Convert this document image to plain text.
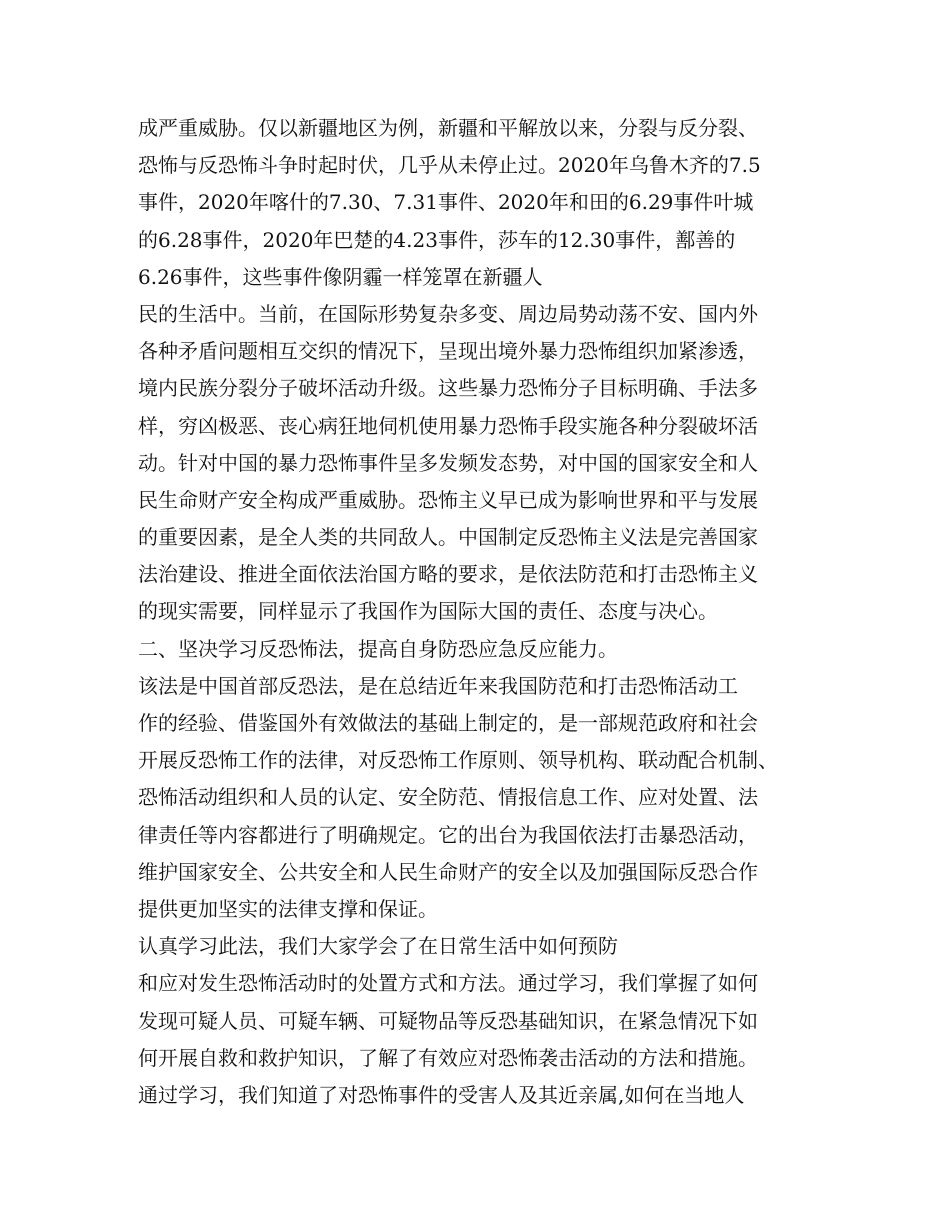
成严重威胁。仅以新疆地区为例，新疆和平解放以来，分裂与反分裂、
恐怖与反恐怖斗争时起时伏，几乎从未停止过。2020年乌鲁木齐的7.5
事件，2020年喀什的7.30、7.31事件、2020年和田的6.29事件叶城
的6.28事件，2020年巴楚的4.23事件，莎车的12.30事件，鄯善的
6.26事件，这些事件像阴霾一样笼罩在新疆人
民的生活中。当前，在国际形势复杂多变、周边局势动荡不安、国内外
各种矛盾问题相互交织的情况下，呈现出境外暴力恐怖组织加紧渗透，
境内民族分裂分子破坏活动升级。这些暴力恐怖分子目标明确、手法多
样，穷凶极恶、丧心病狂地伺机使用暴力恐怖手段实施各种分裂破坏活
动。针对中国的暴力恐怖事件呈多发频发态势，对中国的国家安全和人
民生命财产安全构成严重威胁。恐怖主义早已成为影响世界和平与发展
的重要因素，是全人类的共同敌人。中国制定反恐怖主义法是完善国家
法治建设、推进全面依法治国方略的要求，是依法防范和打击恐怖主义
的现实需要，同样显示了我国作为国际大国的责任、态度与决心。
二、坚决学习反恐怖法，提高自身防恐应急反应能力。
该法是中国首部反恐法，是在总结近年来我国防范和打击恐怖活动工
作的经验、借鉴国外有效做法的基础上制定的，是一部规范政府和社会
开展反恐怖工作的法律，对反恐怖工作原则、领导机构、联动配合机制、
恐怖活动组织和人员的认定、安全防范、情报信息工作、应对处置、法
律责任等内容都进行了明确规定。它的出台为我国依法打击暴恐活动，
维护国家安全、公共安全和人民生命财产的安全以及加强国际反恐合作
提供更加坚实的法律支撑和保证。
认真学习此法，我们大家学会了在日常生活中如何预防
和应对发生恐怖活动时的处置方式和方法。通过学习，我们掌握了如何
发现可疑人员、可疑车辆、可疑物品等反恐基础知识，在紧急情况下如
何开展自救和救护知识，了解了有效应对恐怖袭击活动的方法和措施。
通过学习，我们知道了对恐怖事件的受害人及其近亲属,如何在当地人
